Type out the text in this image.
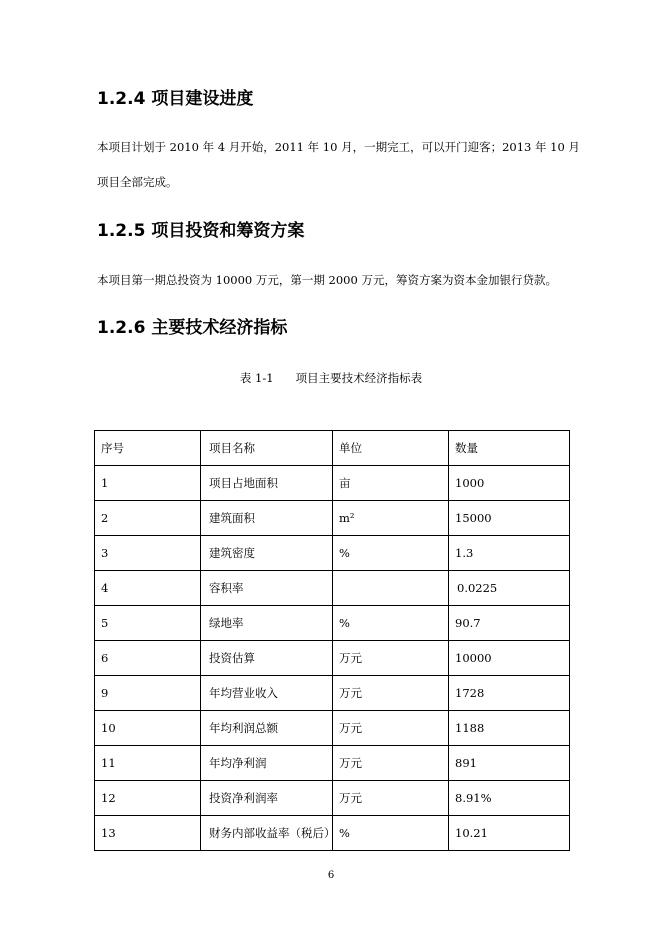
1.2.4 项目建设进度

本项目计划于 2010 年 4 月开始，2011 年 10 月，一期完工，可以开门迎客；2013 年 10 月

项目全部完成。

1.2.5 项目投资和筹资方案

本项目第一期总投资为 10000 万元，第一期 2000 万元，筹资方案为资本金加银行贷款。

1.2.6 主要技术经济指标
表 1-1 项目主要技术经济指标表
序号	项目名称	单位	数量
1	项目占地面积	亩	1000
2	建筑面积	m²	15000
3	建筑密度	%	1.3
4	容积率		0.0225
5	绿地率	%	90.7
6	投资估算	万元	10000
9	年均营业收入	万元	1728
10	年均利润总额	万元	1188
11	年均净利润	万元	891
12	投资净利润率	万元	8.91%
13	财务内部收益率（税后）	%	10.21
6
